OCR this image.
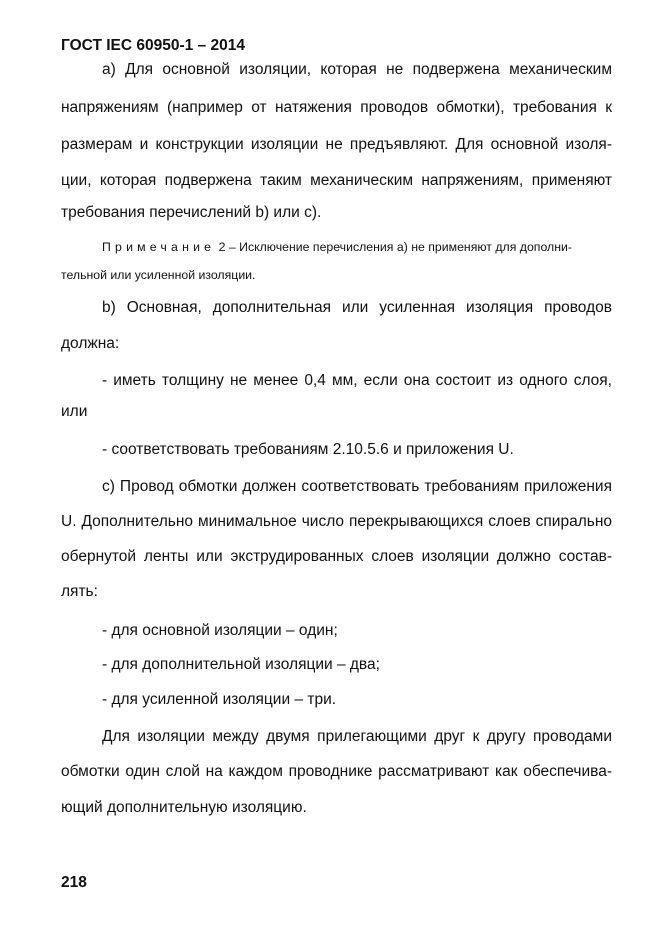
ГОСТ IEC 60950-1 – 2014
а) Для основной изоляции, которая не подвержена механическим
напряжениям (например от натяжения проводов обмотки), требования к
размерам и конструкции изоляции не предъявляют. Для основной изоля-
ции, которая подвержена таким механическим напряжениям, применяют
требования перечислений b) или c).
Примечание 2 – Исключение перечисления а) не применяют для дополни-
тельной или усиленной изоляции.
b) Основная, дополнительная или усиленная изоляция проводов
должна:
- иметь толщину не менее 0,4 мм, если она состоит из одного слоя,
или
- соответствовать требованиям 2.10.5.6 и приложения U.
c) Провод обмотки должен соответствовать требованиям приложения
U. Дополнительно минимальное число перекрывающихся слоев спирально
обернутой ленты или экструдированных слоев изоляции должно состав-
лять:
- для основной изоляции – один;
- для дополнительной изоляции – два;
- для усиленной изоляции – три.
Для изоляции между двумя прилегающими друг к другу проводами
обмотки один слой на каждом проводнике рассматривают как обеспечива-
ющий дополнительную изоляцию.
218
